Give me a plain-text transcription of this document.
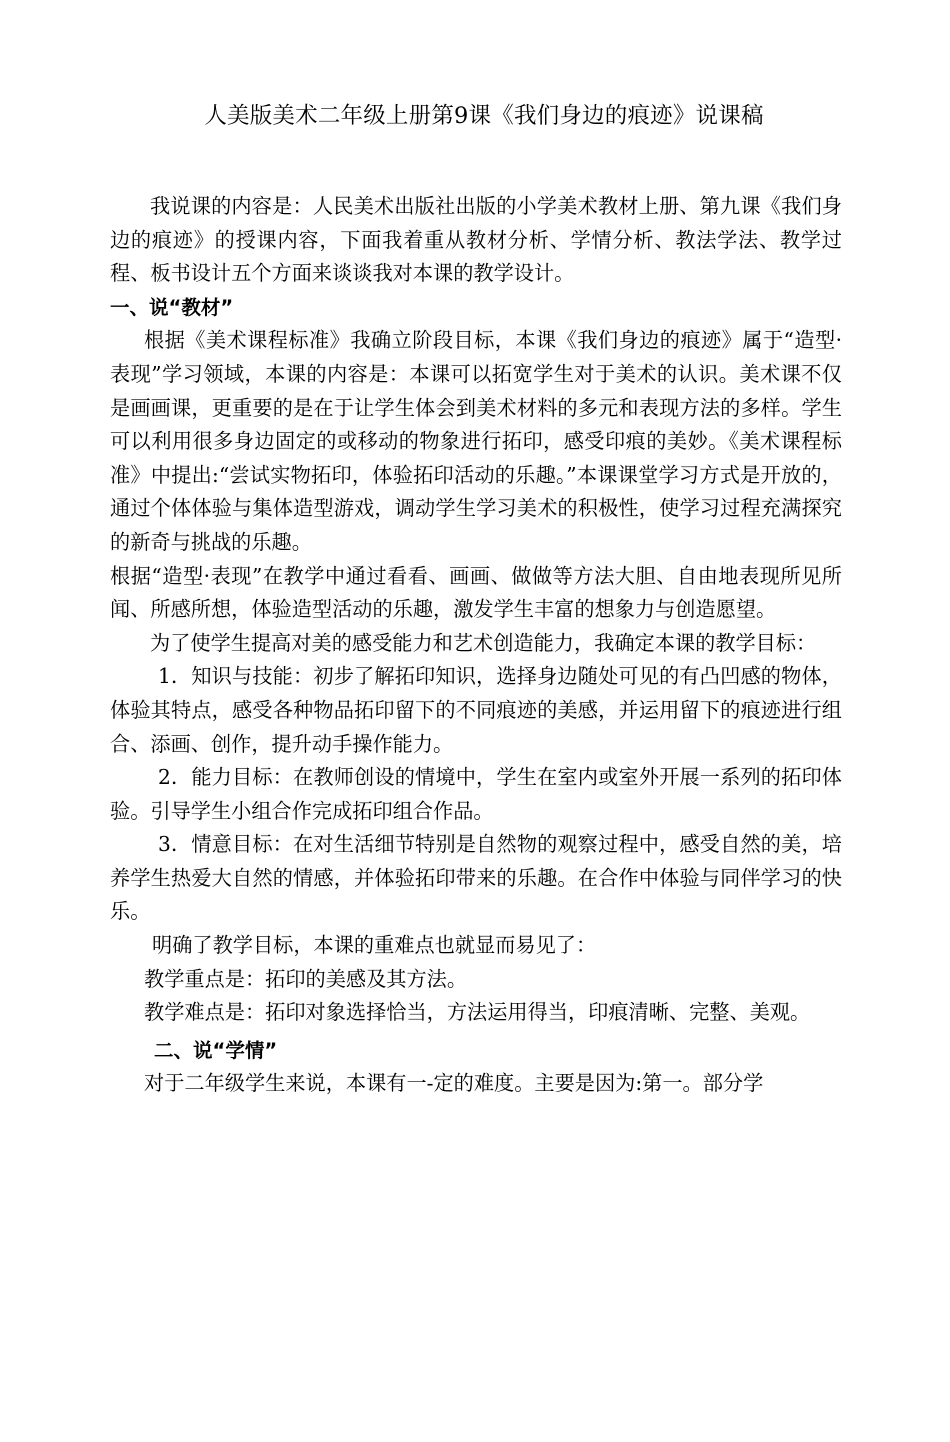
人美版美术二年级上册第9课《我们身边的痕迹》说课稿

我说课的内容是：人民美术出版社出版的小学美术教材上册、第九课《我们身边的痕迹》的授课内容，下面我着重从教材分析、学情分析、教法学法、教学过程、板书设计五个方面来谈谈我对本课的教学设计。

一、说“教材”

根据《美术课程标准》我确立阶段目标，本课《我们身边的痕迹》属于“造型·表现”学习领域，本课的内容是：本课可以拓宽学生对于美术的认识。美术课不仅是画画课，更重要的是在于让学生体会到美术材料的多元和表现方法的多样。学生可以利用很多身边固定的或移动的物象进行拓印，感受印痕的美妙。《美术课程标准》中提出:“尝试实物拓印，体验拓印活动的乐趣。”本课课堂学习方式是开放的，通过个体体验与集体造型游戏，调动学生学习美术的积极性，使学习过程充满探究的新奇与挑战的乐趣。

根据“造型·表现”在教学中通过看看、画画、做做等方法大胆、自由地表现所见所闻、所感所想，体验造型活动的乐趣，激发学生丰富的想象力与创造愿望。

为了使学生提高对美的感受能力和艺术创造能力，我确定本课的教学目标：

1．知识与技能：初步了解拓印知识，选择身边随处可见的有凸凹感的物体，体验其特点，感受各种物品拓印留下的不同痕迹的美感，并运用留下的痕迹进行组合、添画、创作，提升动手操作能力。

2．能力目标：在教师创设的情境中，学生在室内或室外开展一系列的拓印体验。引导学生小组合作完成拓印组合作品。

3．情意目标：在对生活细节特别是自然物的观察过程中，感受自然的美，培养学生热爱大自然的情感，并体验拓印带来的乐趣。在合作中体验与同伴学习的快乐。

明确了教学目标，本课的重难点也就显而易见了：

教学重点是：拓印的美感及其方法。

教学难点是：拓印对象选择恰当，方法运用得当，印痕清晰、完整、美观。

二、说“学情”

对于二年级学生来说，本课有一-定的难度。主要是因为:第一。部分学
